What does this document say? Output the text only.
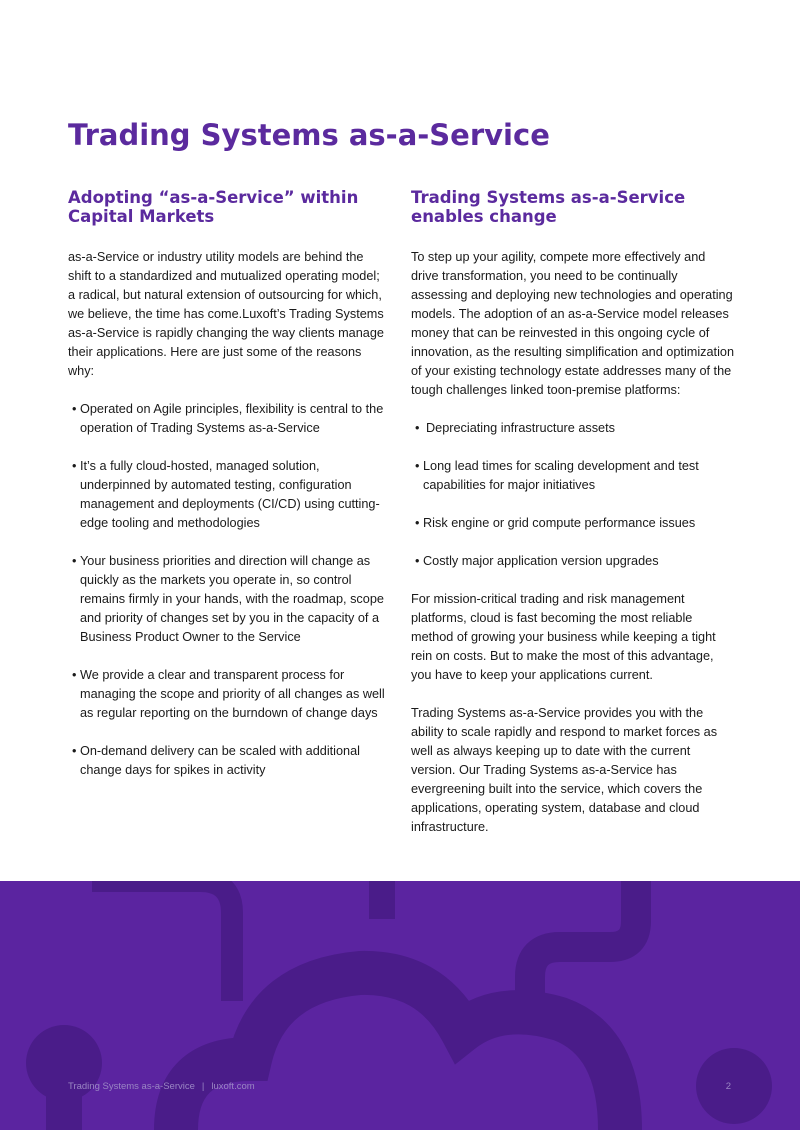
Trading Systems as-a-Service
Adopting “as-a-Service” within Capital Markets

as-a-Service or industry utility models are behind the shift to a standardized and mutualized operating model; a radical, but natural extension of outsourcing for which, we believe, the time has come.Luxoft’s Trading Systems as-a-Service is rapidly changing the way clients manage their applications. Here are just some of the reasons why:

• Operated on Agile principles, flexibility is central to the operation of Trading Systems as-a-Service
• It’s a fully cloud-hosted, managed solution, underpinned by automated testing, configuration management and deployments (CI/CD) using cutting-edge tooling and methodologies
• Your business priorities and direction will change as quickly as the markets you operate in, so control remains firmly in your hands, with the roadmap, scope and priority of changes set by you in the capacity of a Business Product Owner to the Service
• We provide a clear and transparent process for managing the scope and priority of all changes as well as regular reporting on the burndown of change days
• On-demand delivery can be scaled with additional change days for spikes in activity
Trading Systems as-a-Service enables change

To step up your agility, compete more effectively and drive transformation, you need to be continually assessing and deploying new technologies and operating models. The adoption of an as-a-Service model releases money that can be reinvested in this ongoing cycle of innovation, as the resulting simplification and optimization of your existing technology estate addresses many of the tough challenges linked toon-premise platforms:

• Depreciating infrastructure assets
• Long lead times for scaling development and test capabilities for major initiatives
• Risk engine or grid compute performance issues
• Costly major application version upgrades

For mission-critical trading and risk management platforms, cloud is fast becoming the most reliable method of growing your business while keeping a tight rein on costs. But to make the most of this advantage, you have to keep your applications current.

Trading Systems as-a-Service provides you with the ability to scale rapidly and respond to market forces as well as always keeping up to date with the current version. Our Trading Systems as-a-Service has evergreening built into the service, which covers the applications, operating system, database and cloud infrastructure.

Trading Systems as-a-Service | luxoft.com	2
